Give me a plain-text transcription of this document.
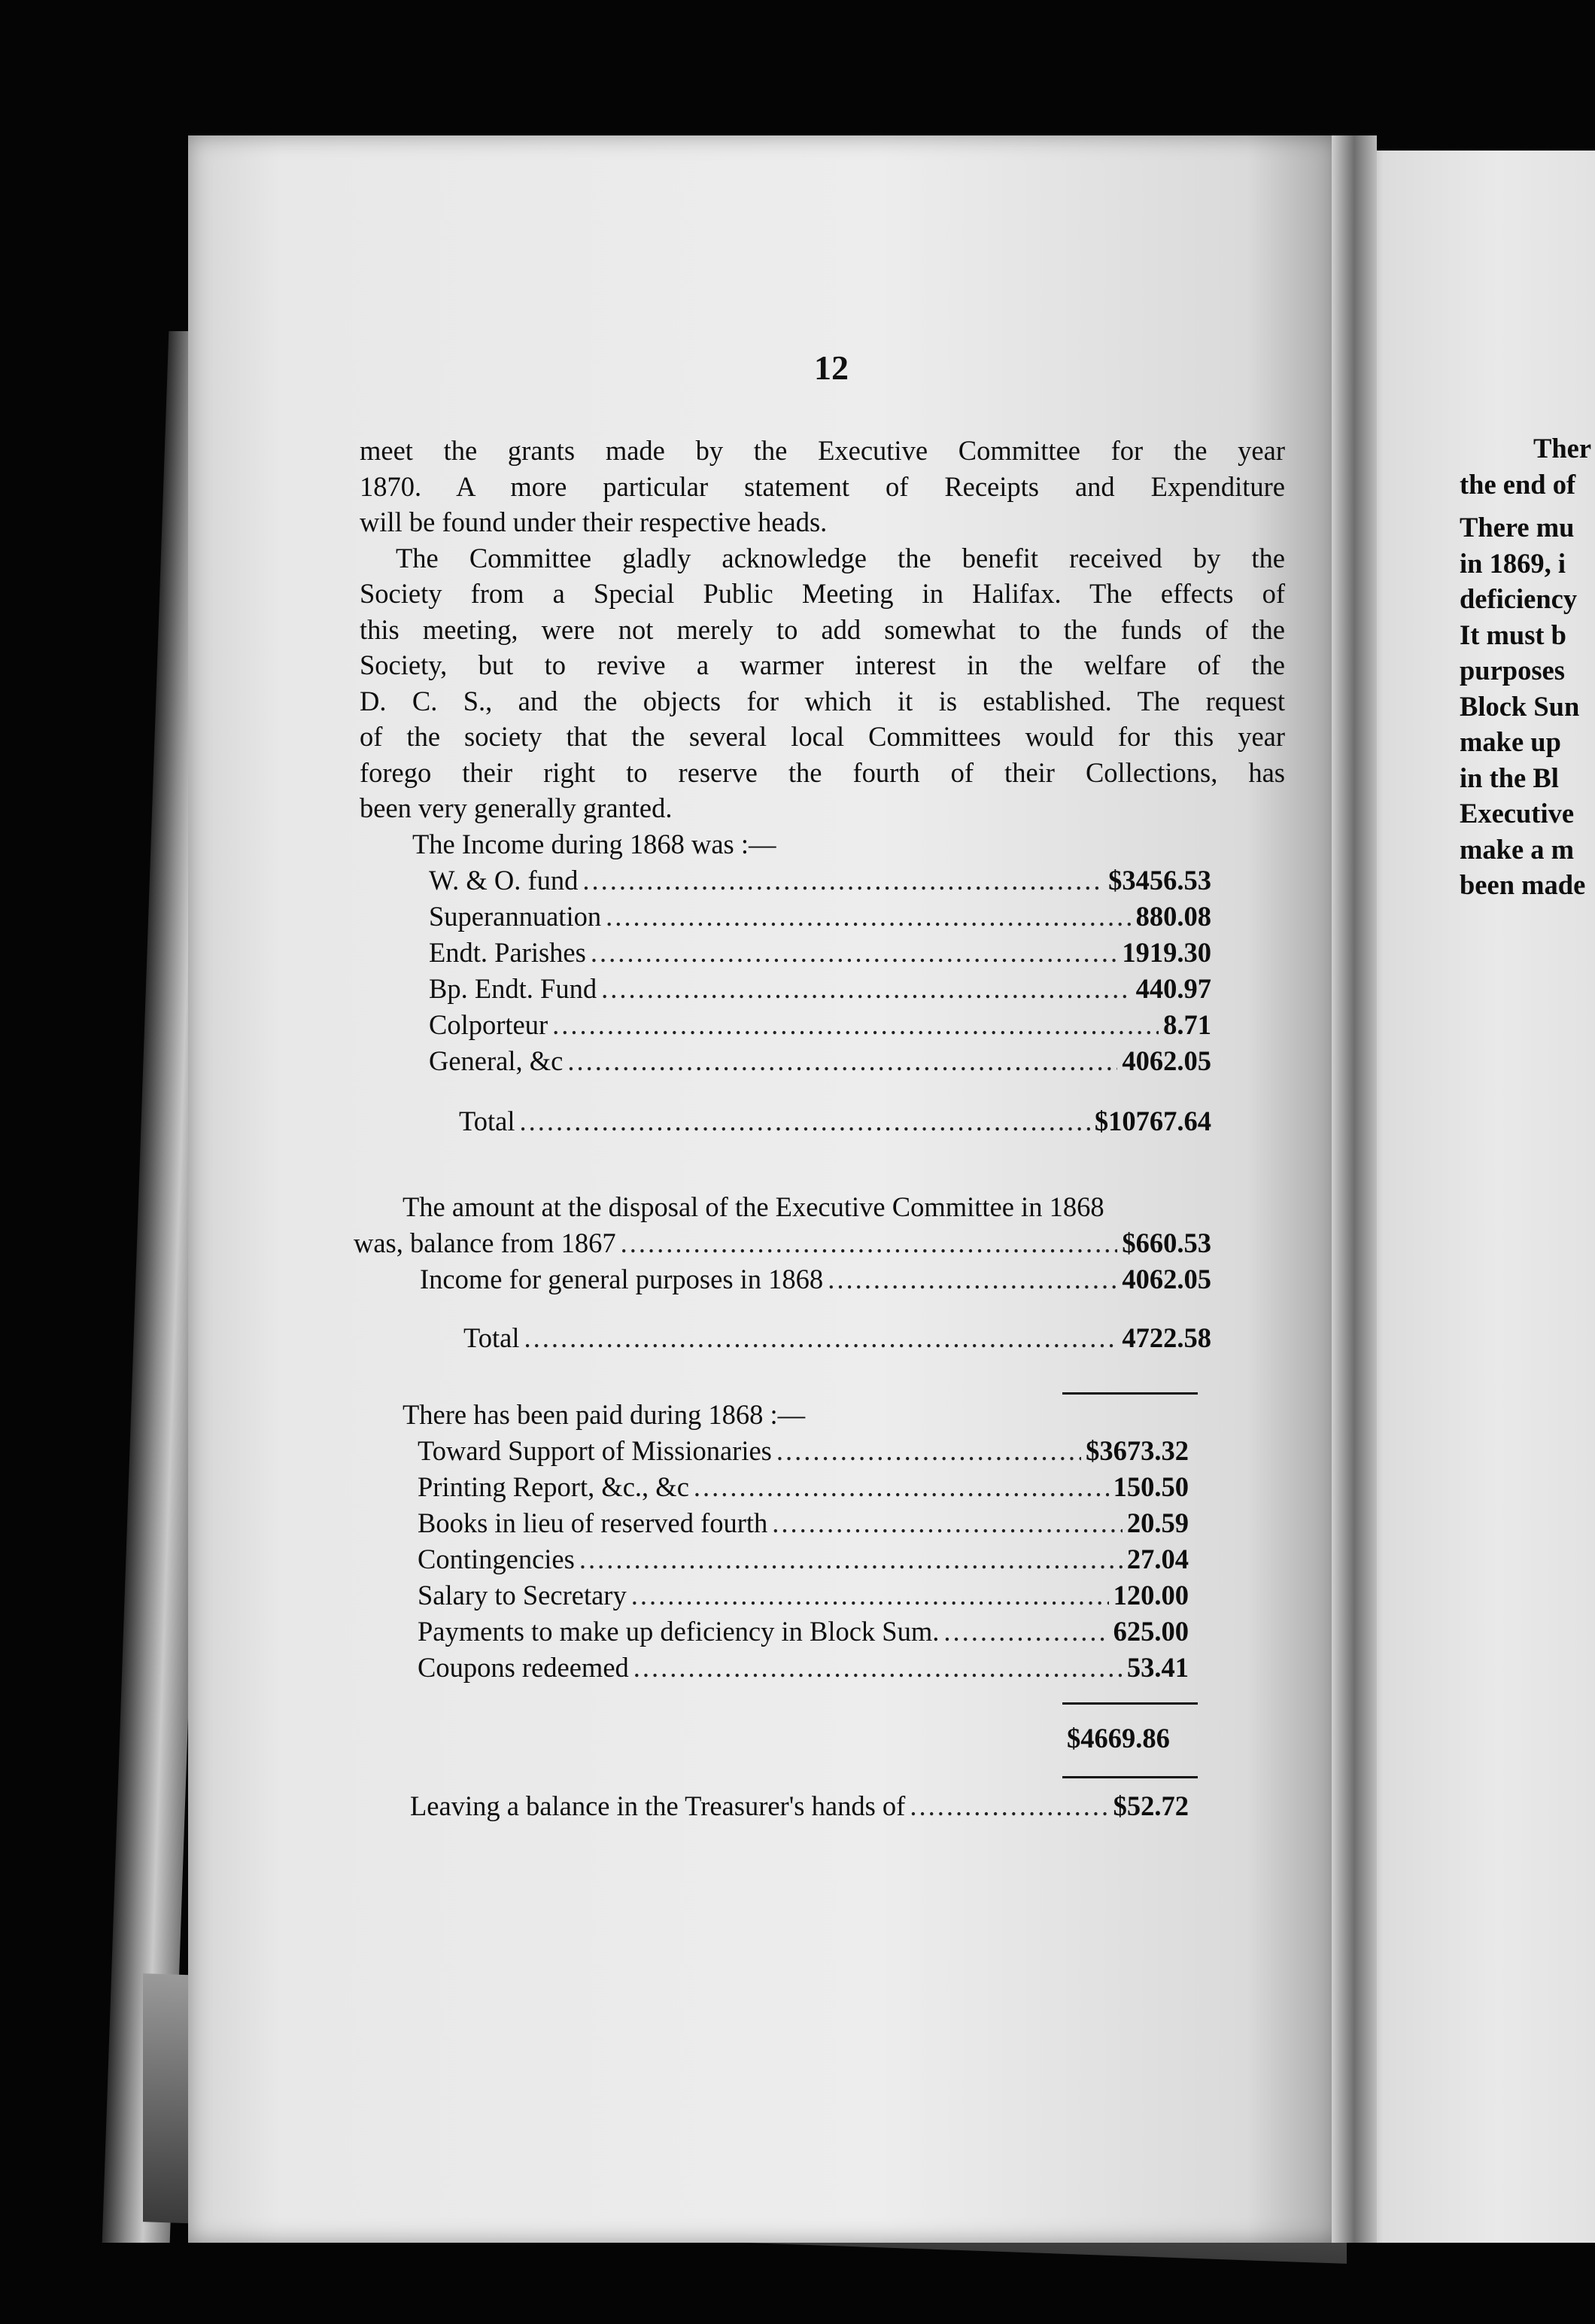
12

meet the grants made by the Executive Committee for the year
1870. A more particular statement of Receipts and Expenditure
will be found under their respective heads.

The Committee gladly acknowledge the benefit received by the
Society from a Special Public Meeting in Halifax. The effects of
this meeting, were not merely to add somewhat to the funds of the
Society, but to revive a warmer interest in the welfare of the
D. C. S., and the objects for which it is established. The request
of the society that the several local Committees would for this year
forego their right to reserve the fourth of their Collections, has
been very generally granted.

The Income during 1868 was :—
W. & O. fund .....	$3456.53
Superannuation .....	880.08
Endt. Parishes .....	1919.30
Bp. Endt. Fund .....	440.97
Colporteur .....	8.71
General, &c .....	4062.05
Total .....	$10767.64
The amount at the disposal of the Executive Committee in 1868
was, balance from 1867 .....	$660.53
Income for general purposes in 1868 .....	4062.05
Total .....	4722.58
There has been paid during 1868 :—
Toward Support of Missionaries .....	$3673.32
Printing Report, &c., &c .....	150.50
Books in lieu of reserved fourth .....	20.59
Contingencies .....	27.04
Salary to Secretary .....	120.00
Payments to make up deficiency in Block Sum. .....	625.00
Coupons redeemed .....	53.41
$4669.86
Leaving a balance in the Treasurer's hands of .....	$52.72
Ther
the end of
There mu
in 1869, i
deficiency
It must b
purposes
Block Sun
make up
in the Bl
Executive
make a m
been made
